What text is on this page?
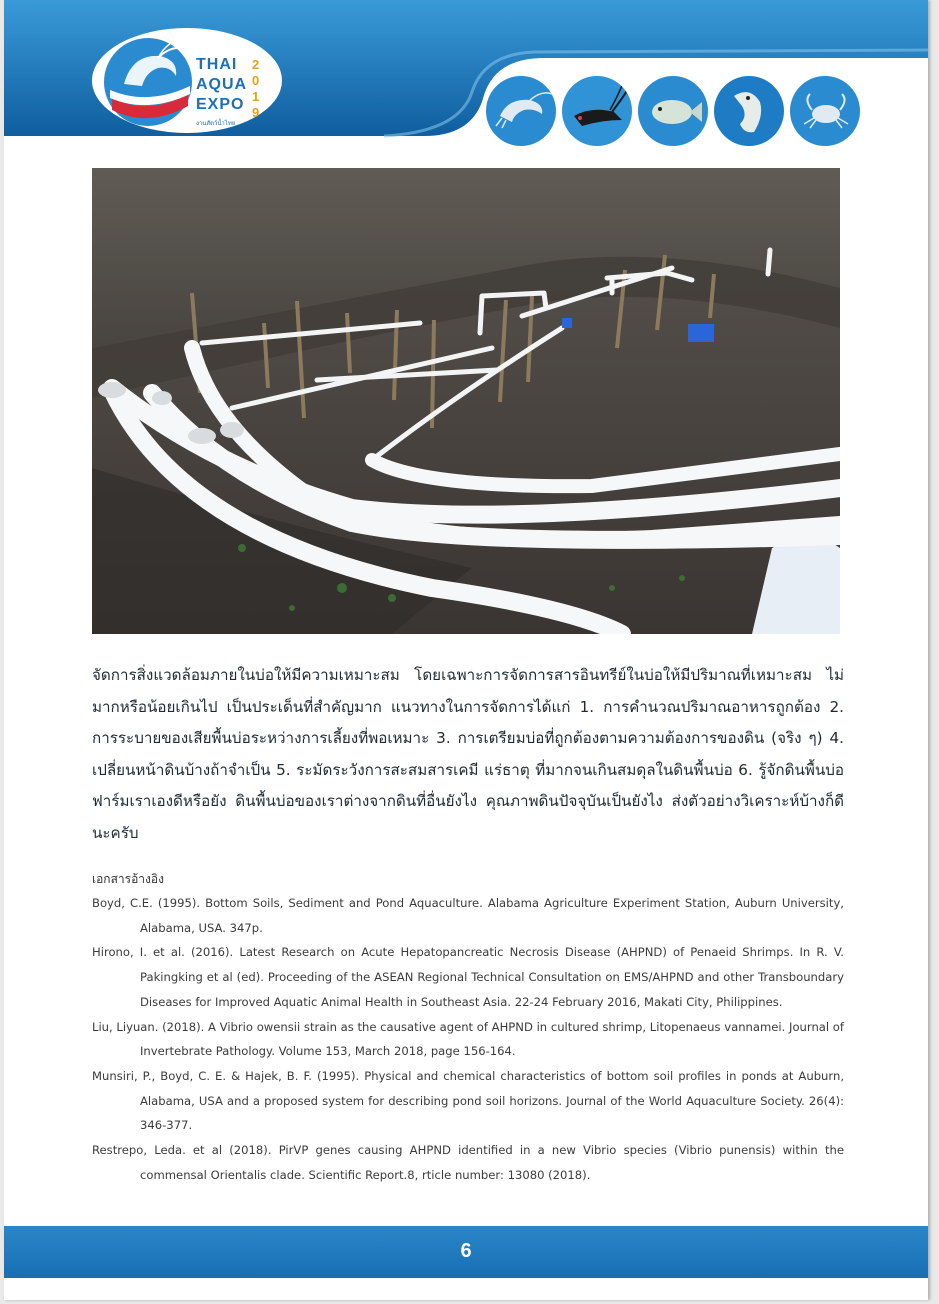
THAI
AQUA
EXPO
2
0
1
9
งานสัตว์น้ำไทย
จัดการสิ่งแวดล้อมภายในบ่อให้มีความเหมาะสม โดยเฉพาะการจัดการสารอินทรีย์ในบ่อให้มีปริมาณที่เหมาะสม ไม่มากหรือน้อยเกินไป เป็นประเด็นที่สำคัญมาก แนวทางในการจัดการได้แก่ 1. การคำนวณปริมาณอาหารถูกต้อง 2. การระบายของเสียพื้นบ่อระหว่างการเลี้ยงที่พอเหมาะ 3. การเตรียมบ่อที่ถูกต้องตามความต้องการของดิน (จริง ๆ) 4. เปลี่ยนหน้าดินบ้างถ้าจำเป็น 5. ระมัดระวังการสะสมสารเคมี แร่ธาตุ ที่มากจนเกินสมดุลในดินพื้นบ่อ 6. รู้จักดินพื้นบ่อฟาร์มเราเองดีหรือยัง ดินพื้นบ่อของเราต่างจากดินที่อื่นยังไง คุณภาพดินปัจจุบันเป็นยังไง ส่งตัวอย่างวิเคราะห์บ้างก็ดีนะครับ
เอกสารอ้างอิง

Boyd, C.E. (1995). Bottom Soils, Sediment and Pond Aquaculture. Alabama Agriculture Experiment Station, Auburn University, Alabama, USA. 347p.

Hirono, I. et al. (2016). Latest Research on Acute Hepatopancreatic Necrosis Disease (AHPND) of Penaeid Shrimps. In R. V. Pakingking et al (ed). Proceeding of the ASEAN Regional Technical Consultation on EMS/AHPND and other Transboundary Diseases for Improved Aquatic Animal Health in Southeast Asia. 22-24 February 2016, Makati City, Philippines.

Liu, Liyuan. (2018). A Vibrio owensii strain as the causative agent of AHPND in cultured shrimp, Litopenaeus vannamei. Journal of Invertebrate Pathology. Volume 153, March 2018, page 156-164.

Munsiri, P., Boyd, C. E. & Hajek, B. F. (1995). Physical and chemical characteristics of bottom soil profiles in ponds at Auburn, Alabama, USA and a proposed system for describing pond soil horizons. Journal of the World Aquaculture Society. 26(4): 346-377.

Restrepo, Leda. et al (2018). PirVP genes causing AHPND identified in a new Vibrio species (Vibrio punensis) within the commensal Orientalis clade. Scientific Report.8, rticle number: 13080 (2018).

6
